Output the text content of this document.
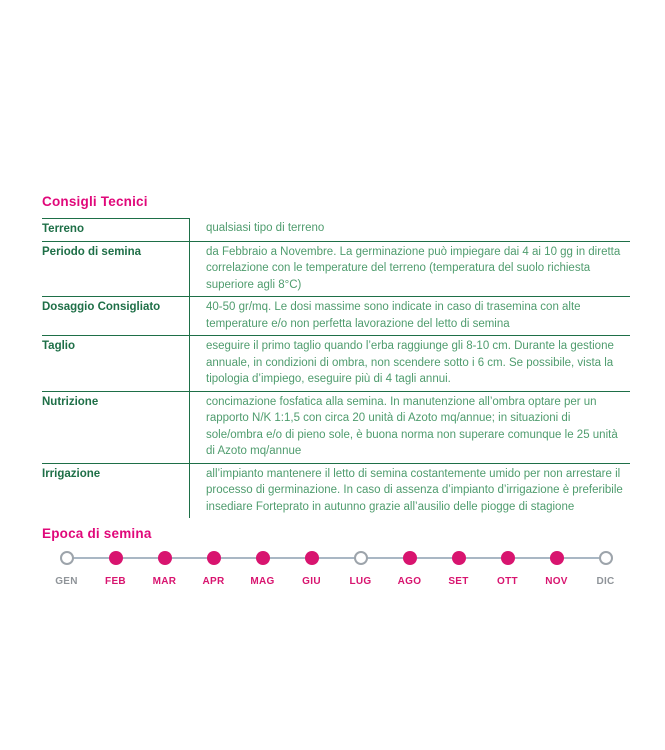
Consigli Tecnici
Terreno	qualsiasi tipo di terreno
Periodo di semina	da Febbraio a Novembre. La germinazione può impiegare dai 4 ai 10 gg in diretta correlazione con le temperature del terreno (temperatura del suolo richiesta superiore agli 8°C)
Dosaggio Consigliato	40-50 gr/mq. Le dosi massime sono indicate in caso di trasemina con alte temperature e/o non perfetta lavorazione del letto di semina
Taglio	eseguire il primo taglio quando l’erba raggiunge gli 8-10 cm. Durante la gestione annuale, in condizioni di ombra, non scendere sotto i 6 cm. Se possibile, vista la tipologia d’impiego, eseguire più di 4 tagli annui.
Nutrizione	concimazione fosfatica alla semina. In manutenzione all’ombra optare per un rapporto N/K 1:1,5 con circa 20 unità di Azoto mq/annue; in situazioni di sole/ombra e/o di pieno sole, è buona norma non superare comunque le 25 unità di Azoto mq/annue
Irrigazione	all’impianto mantenere il letto di semina costantemente umido per non arrestare il processo di germinazione. In caso di assenza d’impianto d’irrigazione è preferibile insediare Forteprato in autunno grazie all’ausilio delle piogge di stagione
Epoca di semina
GEN	FEB	MAR	APR	MAG	GIU	LUG	AGO	SET	OTT	NOV	DIC
